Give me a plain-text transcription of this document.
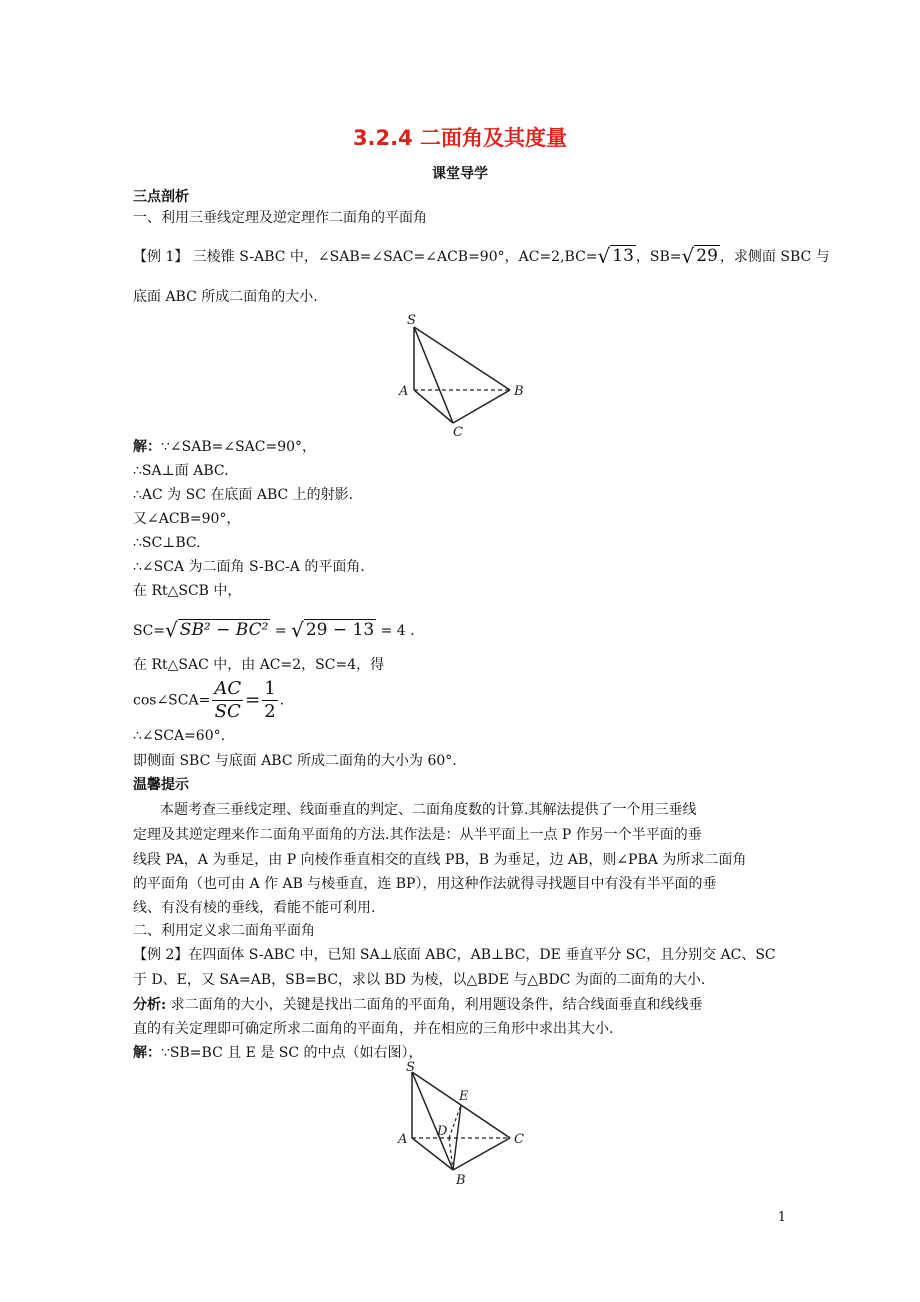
3.2.4 二面角及其度量
课堂导学
三点剖析
一、利用三垂线定理及逆定理作二面角的平面角
【例 1】 三棱锥 S-ABC 中，∠SAB=∠SAC=∠ACB=90°，AC=2,BC=√ 13 ，SB=√ 29 ，求侧面 SBC 与
底面 ABC 所成二面角的大小.
S
A	B
C
解：∵∠SAB=∠SAC=90°，
∴SA⊥面 ABC.
∴AC 为 SC 在底面 ABC 上的射影.
又∠ACB=90°，
∴SC⊥BC.
∴∠SCA 为二面角 S-BC-A 的平面角.
在 Rt△SCB 中，
SC=√ SB² − BC² = √ 29 − 13 = 4 .
在 Rt△SAC 中，由 AC=2，SC=4，得
cos∠SCA= $\frac{AC}{SC} = \frac{1}{2}$ .
∴∠SCA=60°.
即侧面 SBC 与底面 ABC 所成二面角的大小为 60°.
温馨提示
本题考查三垂线定理、线面垂直的判定、二面角度数的计算.其解法提供了一个用三垂线
定理及其逆定理来作二面角平面角的方法.其作法是：从半平面上一点 P 作另一个半平面的垂
线段 PA，A 为垂足，由 P 向棱作垂直相交的直线 PB，B 为垂足，边 AB，则∠PBA 为所求二面角
的平面角（也可由 A 作 AB 与棱垂直，连 BP），用这种作法就得寻找题目中有没有半平面的垂
线、有没有棱的垂线，看能不能可利用.
二、利用定义求二面角平面角
【例 2】在四面体 S-ABC 中，已知 SA⊥底面 ABC，AB⊥BC，DE 垂直平分 SC，且分别交 AC、SC
于 D、E，又 SA=AB，SB=BC，求以 BD 为棱，以△BDE 与△BDC 为面的二面角的大小.
分析: 求二面角的大小，关键是找出二面角的平面角，利用题设条件，结合线面垂直和线线垂
直的有关定理即可确定所求二面角的平面角，并在相应的三角形中求出其大小.
解：∵SB=BC 且 E 是 SC 的中点（如右图），
S
A	C
B
D
E
1
